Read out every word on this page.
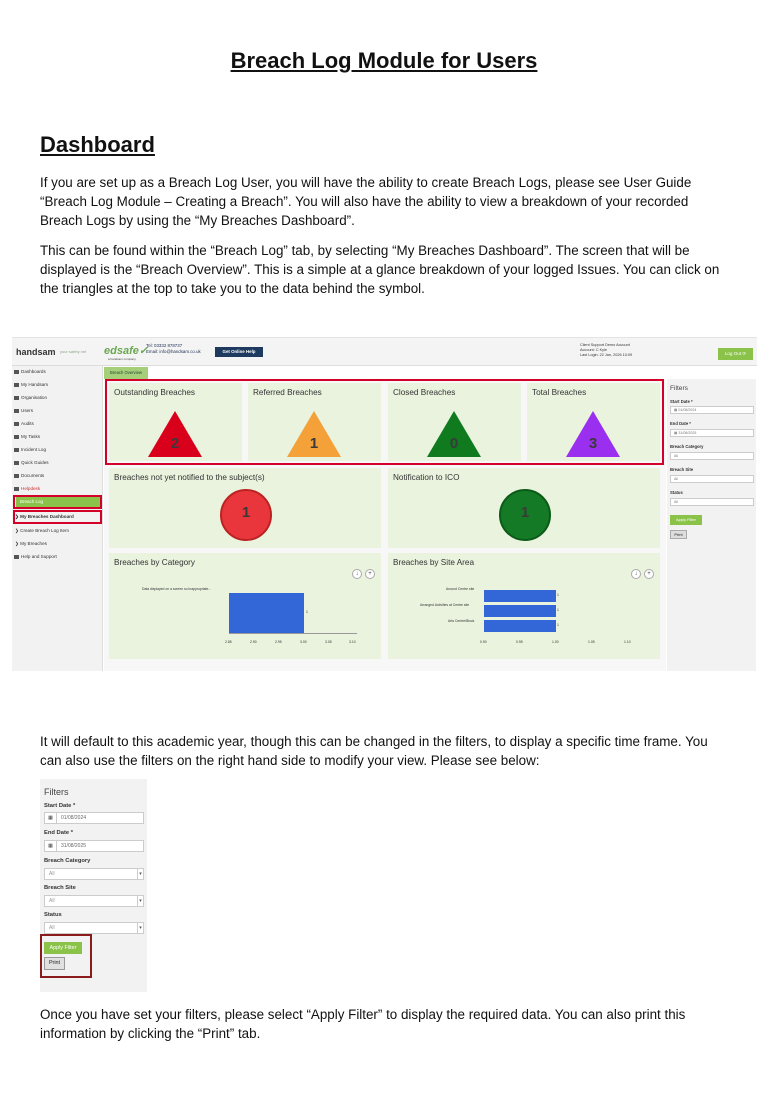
Breach Log Module for Users
Dashboard
If you are set up as a Breach Log User, you will have the ability to create Breach Logs, please see User Guide “Breach Log Module – Creating a Breach”. You will also have the ability to view a breakdown of your recorded Breach Logs by using the “My Breaches Dashboard”.
This can be found within the “Breach Log” tab, by selecting “My Breaches Dashboard”. The screen that will be displayed is the “Breach Overview”. This is a simple at a glance breakdown of your logged Issues. You can click on the triangles at the top to take you to the data behind the symbol.
handsam your safety net edsafe✓
a handsam company
Tel: 03332 878737
Email: info@handsam.co.uk	Get Online Help
Client Support Demo Account
Account: C Kyle
Last Login: 22 Jan, 2026 10:09	Log Out ⟳
Dashboards
My Handsam
Organisation
Users
Audits
My Tasks
Incident Log
Quick Guides
Documents
Helpdesk
Breach Log
❯ My Breaches Dashboard
❯ Create Breach Log Item
❯ My Breaches
Help and Support
Breach Overview
Outstanding Breaches
2
Referred Breaches
1
Closed Breaches
0
Total Breaches
3
Breaches not yet notified to the subject(s)
1
Notification to ICO
1
Breaches by Category
↓	+
Data displayed on a screen so inappropriate...
1
2.85	2.90	2.95	3.00	3.05	3.10
Breaches by Site Area
↓	+
Around Centre site
Arranged Activities at Centre site
Arts Centre/Block
1
1
1
0.90	0.95	1.00	1.05	1.10
Filters
Start Date *
▦ 01/08/2024
End Date *
▦ 31/08/2025
Breach Category
All
Breach Site
All
Status
All
Apply Filter
Print
It will default to this academic year, though this can be changed in the filters, to display a specific time frame. You can also use the filters on the right hand side to modify your view. Please see below:
Filters
Start Date *
▦ 01/08/2024
End Date *
▦ 31/08/2025
Breach Category
All	▾
Breach Site
All	▾
Status
All	▾
Apply Filter
Print
Once you have set your filters, please select “Apply Filter” to display the required data. You can also print this information by clicking the “Print” tab.
